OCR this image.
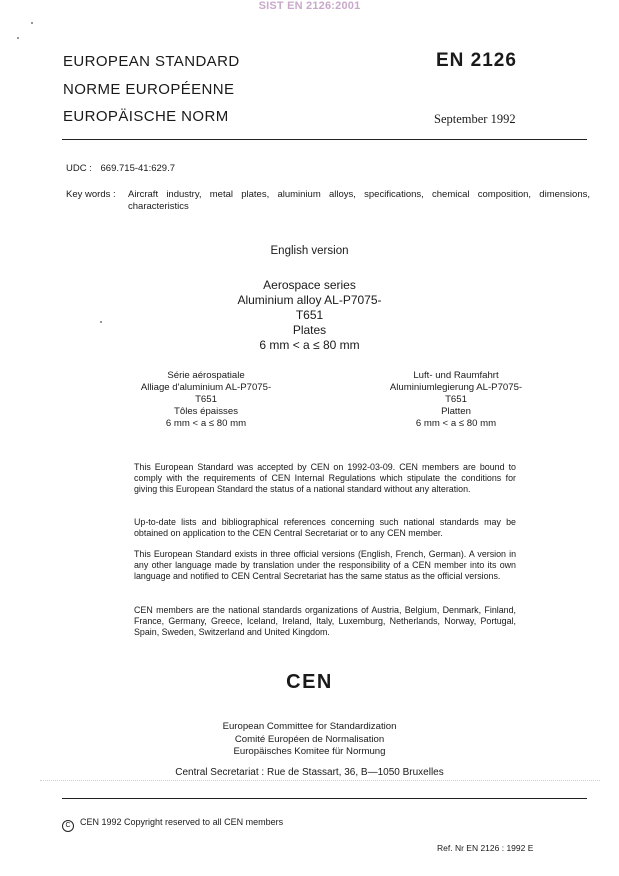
SIST EN 2126:2001
EUROPEAN STANDARD
NORME EUROPÉENNE
EUROPÄISCHE NORM
EN 2126
September 1992
UDC : 669.715-41:629.7
Key words : Aircraft industry, metal plates, aluminium alloys, specifications, chemical composition, dimensions, characteristics
English version
Aerospace series
Aluminium alloy AL-P7075-
T651
Plates
6 mm < a ≤ 80 mm
Série aérospatiale
Alliage d'aluminium AL-P7075-
T651
Tôles épaisses
6 mm < a ≤ 80 mm
Luft- und Raumfahrt
Aluminiumlegierung AL-P7075-
T651
Platten
6 mm < a ≤ 80 mm
This European Standard was accepted by CEN on 1992-03-09. CEN members are bound to comply with the requirements of CEN Internal Regulations which stipulate the conditions for giving this European Standard the status of a national standard without any alteration.
Up-to-date lists and bibliographical references concerning such national standards may be obtained on application to the CEN Central Secretariat or to any CEN member.
This European Standard exists in three official versions (English, French, German). A version in any other language made by translation under the responsibility of a CEN member into its own language and notified to CEN Central Secretariat has the same status as the official versions.
CEN members are the national standards organizations of Austria, Belgium, Denmark, Finland, France, Germany, Greece, Iceland, Ireland, Italy, Luxemburg, Netherlands, Norway, Portugal, Spain, Sweden, Switzerland and United Kingdom.
CEN
European Committee for Standardization
Comité Européen de Normalisation
Europäisches Komitee für Normung
Central Secretariat : Rue de Stassart, 36, B—1050 Bruxelles
C CEN 1992 Copyright reserved to all CEN members
Ref. Nr EN 2126 : 1992 E
